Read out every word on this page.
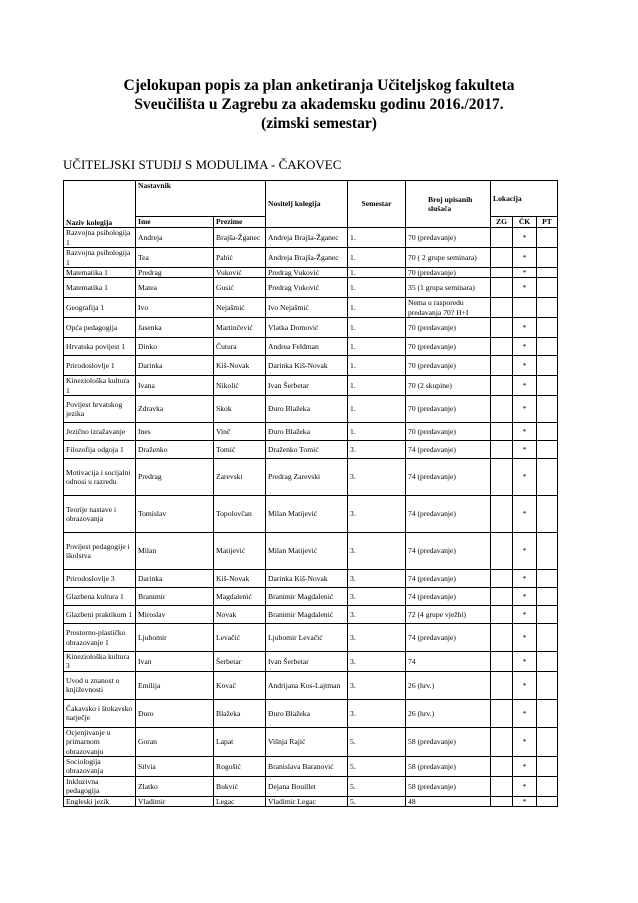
Cjelokupan popis za plan anketiranja Učiteljskog fakulteta
Sveučilišta u Zagrebu za akademsku godinu 2016./2017.
(zimski semestar)
UČITELJSKI STUDIJ S MODULIMA - ČAKOVEC
Naziv kolegija	Nastavnik		Nositelj kolegija	Semestar	Broj upisanih slušača	Lokacija		
	Ime	Prezime				ZG	ČK	PT
Razvojna psihologija 1	Andreja	Brajša-Žganec	Andreja Brajša-Žganec	1.	70 (predavanje)		*	
Razvojna psihologija 1	Tea	Pahić	Andreja Brajša-Žganec	1.	70 ( 2 grupe seminara)		*	
Matematika 1	Predrag	Vuković	Predrag Vuković	1.	70 (predavanje)		*	
Matematika 1	Matea	Gusić	Predrag Vuković	1.	35 (1 grupa seminara)		*	
Geografija 1	Ivo	Nejašmić	Ivo Nejašmić	1.	Nema u rasporedu predavanja 70? H+I			
Opća pedagogija	Jasenka	Martinčević	Vlatka Domović	1.	70 (predavanje)		*	
Hrvatska povijest 1	Dinko	Čutura	Andrea Feldman	1.	70 (predavanje)		*	
Prirodoslovlje 1	Darinka	Kiš-Novak	Darinka Kiš-Novak	1.	70 (predavanje)		*	
Kineziološka kultura 1	Ivana	Nikolić	Ivan Šerbetar	1.	70 (2 skupine)		*	
Povijest hrvatskog jezika	Zdravka	Skok	Đuro Blažeka	1.	70 (predavanje)		*	
Jezično izražavanje	Ines	Vinč	Đuro Blažeka	1.	70 (predavanje)		*	
Filozofija odgoja 1	Draženko	Tomić	Draženko Tomić	3.	74 (predavanje)		*	
Motivacija i socijalni odnosi u razredu	Predrag	Zarevski	Predrag Zarevski	3.	74 (predavanje)		*	
Teorije nastave i obrazovanja	Tomislav	Topolovčan	Milan Matijević	3.	74 (predavanje)		*	
Povijest pedagogije i školstva	Milan	Matijević	Milan Matijević	3.	74 (predavanje)		*	
Prirodoslovlje 3	Darinka	Kiš-Novak	Darinka Kiš-Novak	3.	74 (predavanje)		*	
Glazbena kultura 1	Branimir	Magdalenić	Branimir Magdalenić	3.	74 (predavanje)		*	
Glazbeni praktikum 1	Miroslav	Novak	Branimir Magdalenić	3.	72 (4 grupe vježbi)		*	
Prostorno-plastičko obrazovanje 1	Ljubomir	Levačić	Ljubomir Levačić	3.	74 (predavanje)		*	
Kineziološka kultura 3	Ivan	Šerbetar	Ivan Šerbetar	3.	74		*	
Uvod u znanost o književnosti	Emilija	Kovač	Andrijana Kos-Lajtman	3.	26 (hrv.)		*	
Čakavsko i štokavsko narječje	Đuro	Blažeka	Đuro Blažeka	3.	26 (hrv.)		*	
Ocjenjivanje u primarnom obrazovanju	Goran	Lapat	Višnja Rajić	5.	58 (predavanje)		*	
Sociologija obrazovanja	Silvia	Rogošić	Branislava Baranović	5.	58 (predavanje)		*	
Inkluzivna pedagogija	Zlatko	Bukvić	Dejana Bouillet	5.	58 (predavanje)		*	
Engleski jezik	Vladimir	Legac	Vladimir Legac	5.	48		*	
